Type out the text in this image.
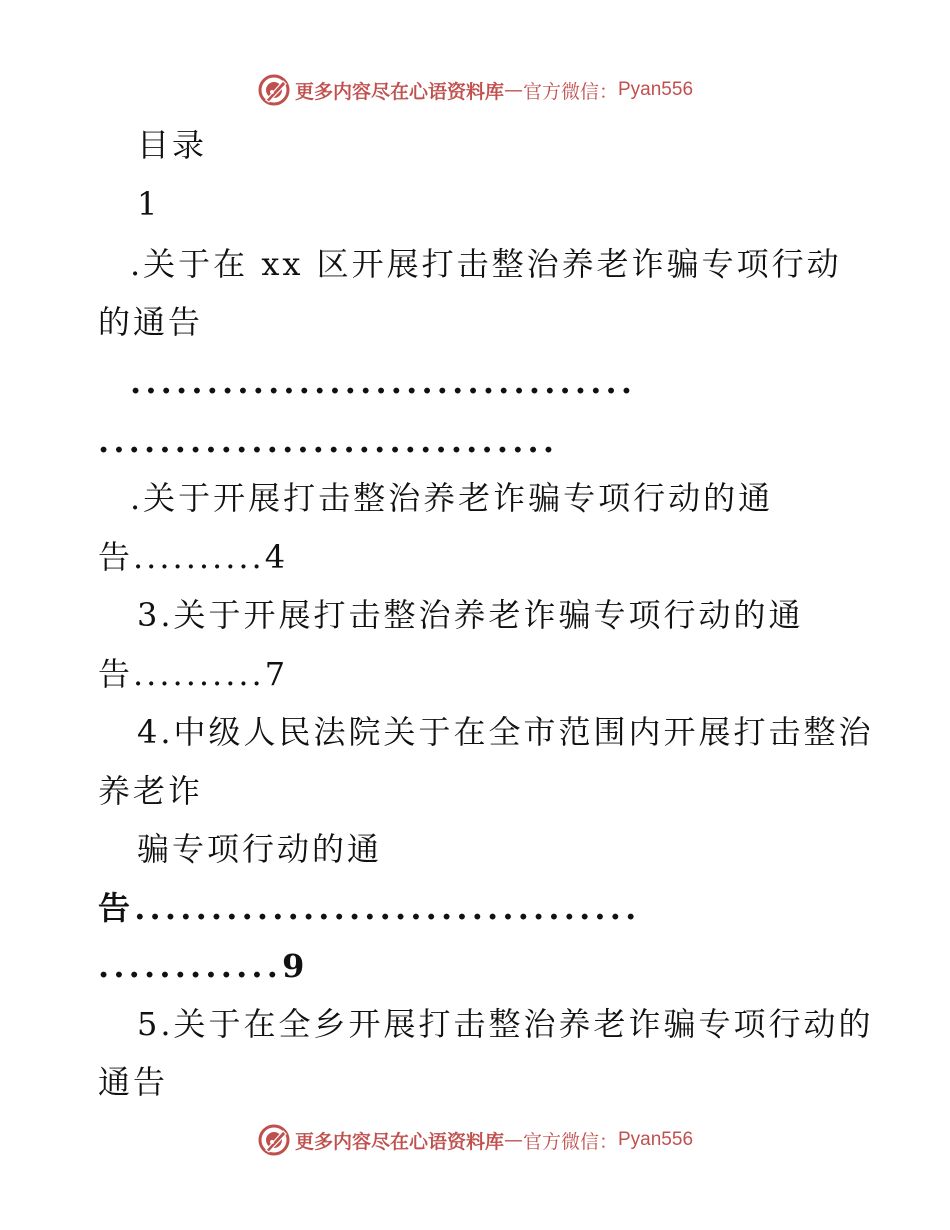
更多内容尽在心语资料库 — 官方微信： Pyan556
目录
1
.关于在 xx 区开展打击整治养老诈骗专项行动
的通告
.................................
..............................
.关于开展打击整治养老诈骗专项行动的通
告..........4
3.关于开展打击整治养老诈骗专项行动的通
告..........7
4.中级人民法院关于在全市范围内开展打击整治
养老诈
骗专项行动的通
告.................................
............9
5.关于在全乡开展打击整治养老诈骗专项行动的
通告
更多内容尽在心语资料库 — 官方微信： Pyan556
